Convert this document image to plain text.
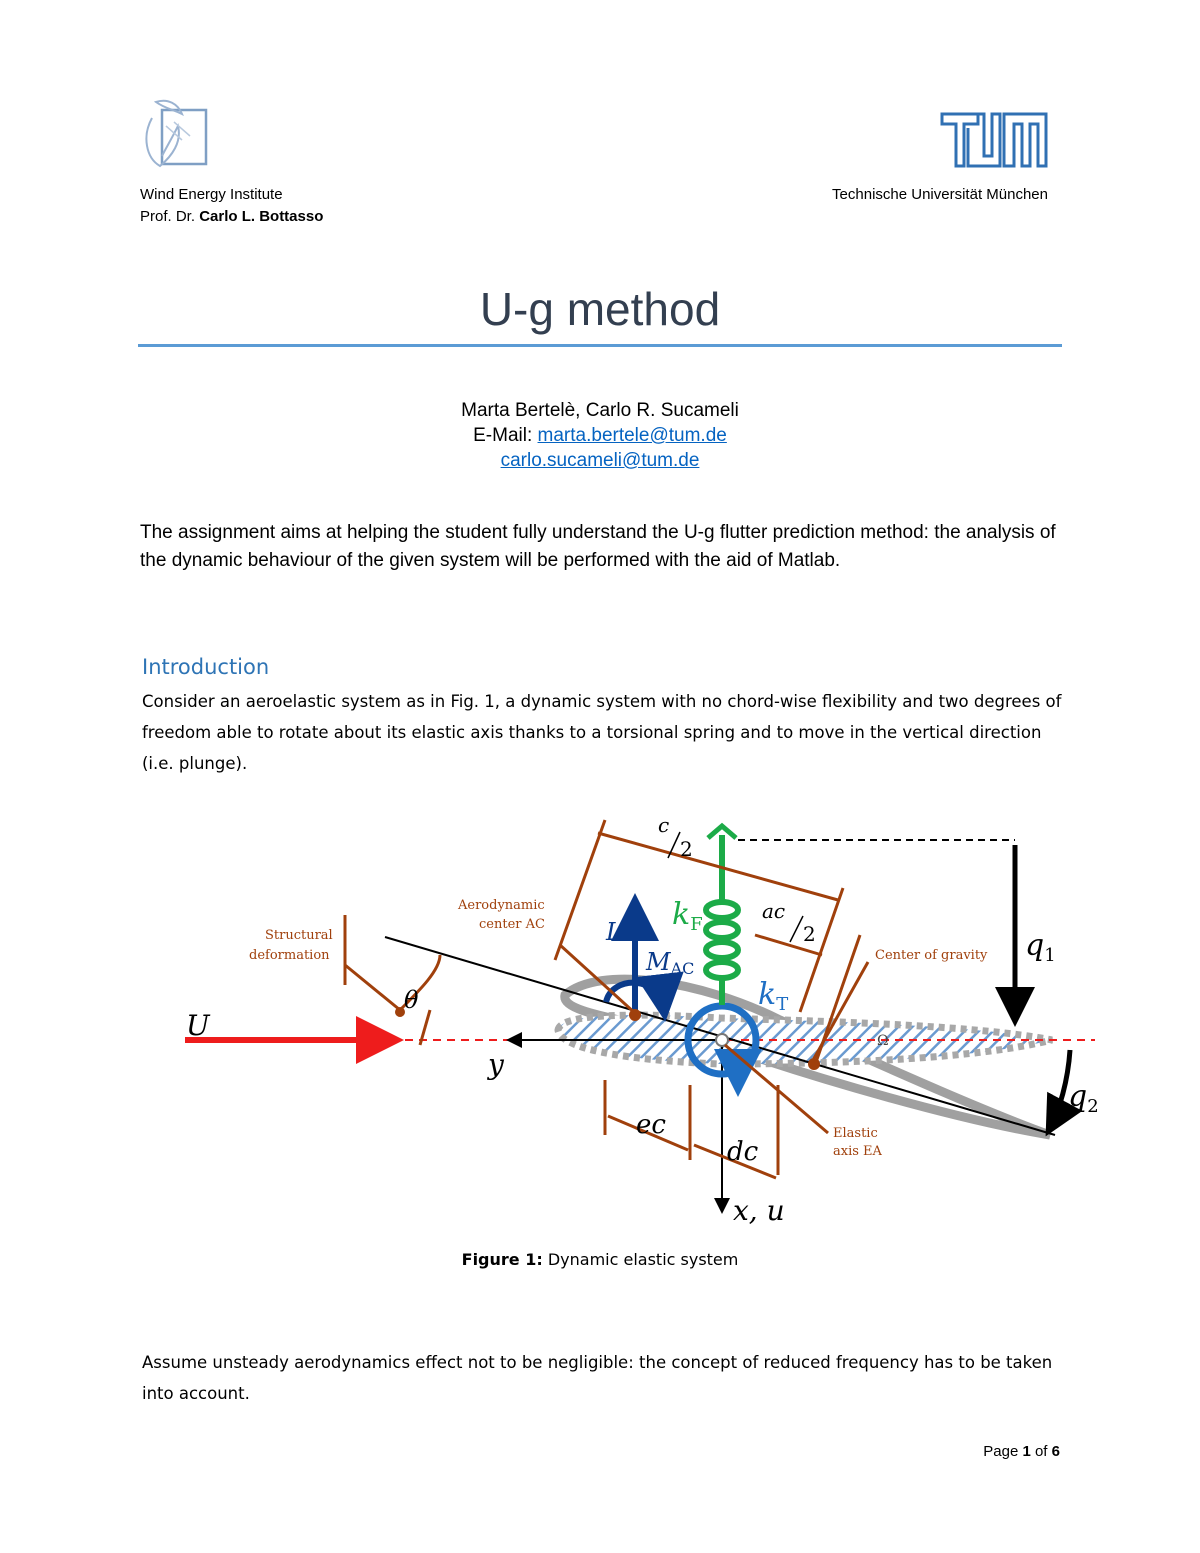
Wind Energy Institute
Prof. Dr. Carlo L. Bottasso
Technische Universität München
U-g method
Marta Bertelè, Carlo R. Sucameli
E-Mail: marta.bertele@tum.de
carlo.sucameli@tum.de
The assignment aims at helping the student fully understand the U-g flutter prediction method: the analysis of the dynamic behaviour of the given system will be performed with the aid of Matlab.
Introduction
Consider an aeroelastic system as in Fig. 1, a dynamic system with no chord-wise flexibility and two degrees of freedom able to rotate about its elastic axis thanks to a torsional spring and to move in the vertical direction (i.e. plunge).
Structural
deformation
Aerodynamic
center AC
Center of gravity
Elastic
axis EA
U
θ
y
x, u
L
MAC
$k_F$
$k_T$
$q_1$
$q_2$
c
2
ac
2
ec
dc
Ω
Figure 1: Dynamic elastic system
Assume unsteady aerodynamics effect not to be negligible: the concept of reduced frequency has to be taken into account.
Page 1 of 6
